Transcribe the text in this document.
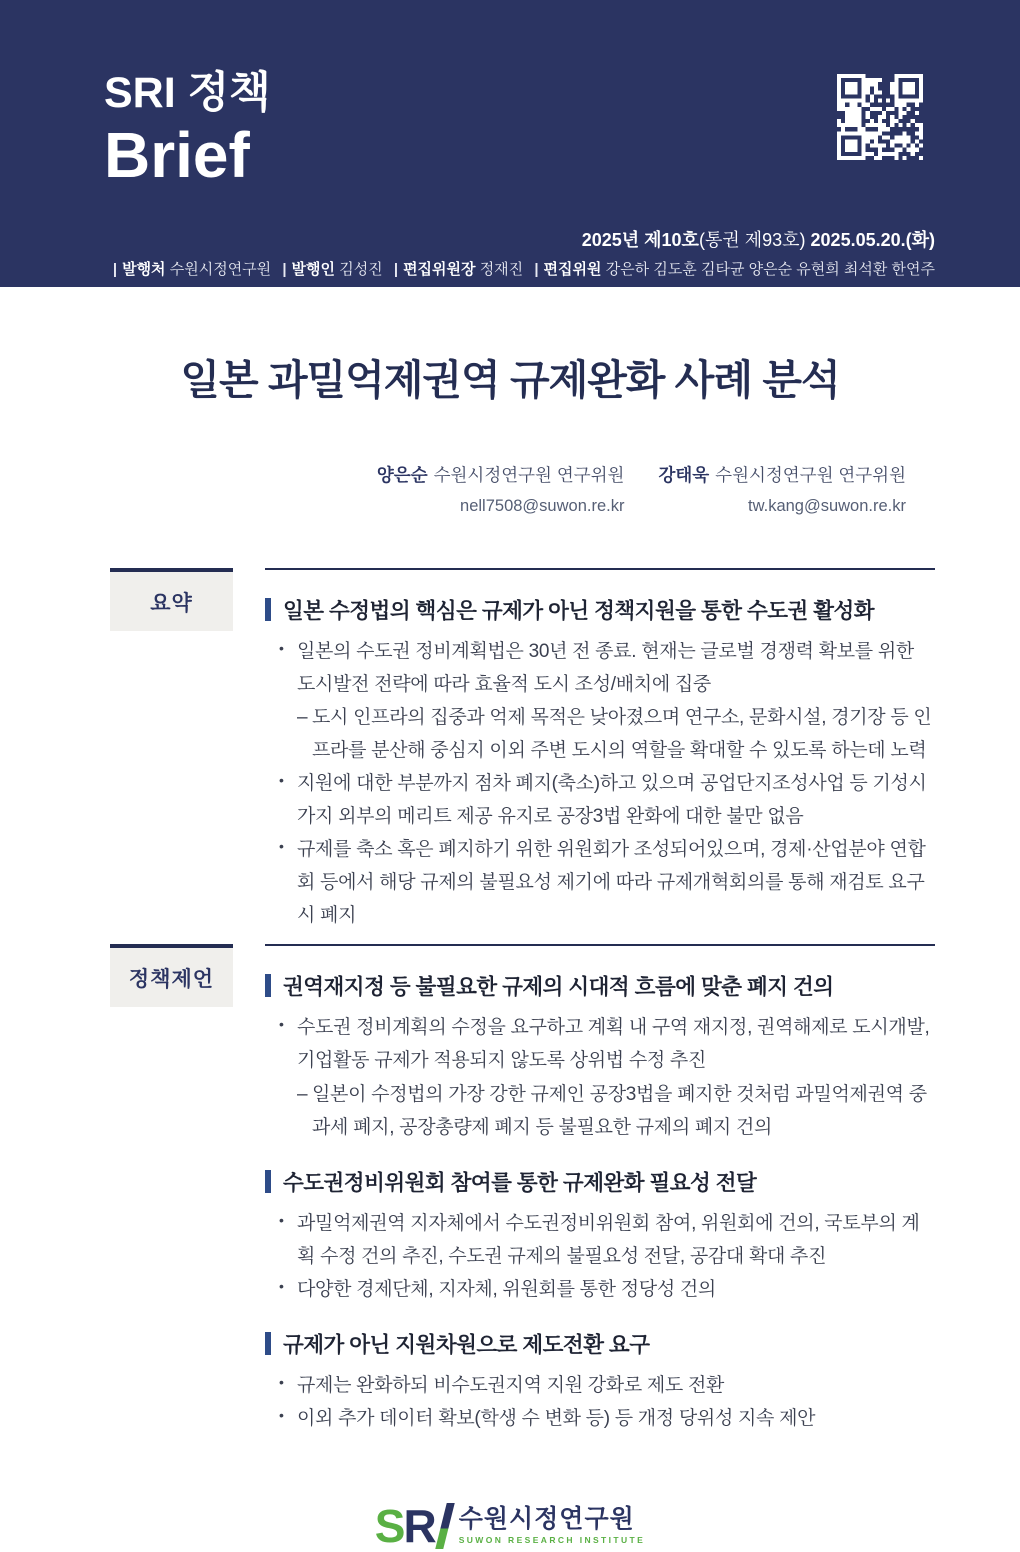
SRI 정책
Brief
2025년 제10호(통권 제93호) 2025.05.20.(화)
| 발행처 수원시정연구원 | 발행인 김성진 | 편집위원장 정재진 | 편집위원 강은하 김도훈 김타균 양은순 유현희 최석환 한연주
일본 과밀억제권역 규제완화 사례 분석
양은순 수원시정연구원 연구위원
nell7508@suwon.re.kr
강태욱 수원시정연구원 연구위원
tw.kang@suwon.re.kr
요약	일본 수정법의 핵심은 규제가 아닌 정책지원을 통한 수도권 활성화
• 일본의 수도권 정비계획법은 30년 전 종료. 현재는 글로벌 경쟁력 확보를 위한 도시발전 전략에 따라 효율적 도시 조성/배치에 집중
– 도시 인프라의 집중과 억제 목적은 낮아졌으며 연구소, 문화시설, 경기장 등 인프라를 분산해 중심지 이외 주변 도시의 역할을 확대할 수 있도록 하는데 노력
• 지원에 대한 부분까지 점차 폐지(축소)하고 있으며 공업단지조성사업 등 기성시가지 외부의 메리트 제공 유지로 공장3법 완화에 대한 불만 없음
• 규제를 축소 혹은 폐지하기 위한 위원회가 조성되어있으며, 경제·산업분야 연합회 등에서 해당 규제의 불필요성 제기에 따라 규제개혁회의를 통해 재검토 요구 시 폐지
정책제언	권역재지정 등 불필요한 규제의 시대적 흐름에 맞춘 폐지 건의
• 수도권 정비계획의 수정을 요구하고 계획 내 구역 재지정, 권역해제로 도시개발, 기업활동 규제가 적용되지 않도록 상위법 수정 추진
– 일본이 수정법의 가장 강한 규제인 공장3법을 폐지한 것처럼 과밀억제권역 중과세 폐지, 공장총량제 폐지 등 불필요한 규제의 폐지 건의
수도권정비위원회 참여를 통한 규제완화 필요성 전달
• 과밀억제권역 지자체에서 수도권정비위원회 참여, 위원회에 건의, 국토부의 계획 수정 건의 추진, 수도권 규제의 불필요성 전달, 공감대 확대 추진
• 다양한 경제단체, 지자체, 위원회를 통한 정당성 건의
규제가 아닌 지원차원으로 제도전환 요구
• 규제는 완화하되 비수도권지역 지원 강화로 제도 전환
• 이외 추가 데이터 확보(학생 수 변화 등) 등 개정 당위성 지속 제안
S R 수원시정연구원
SUWON RESEARCH INSTITUTE
